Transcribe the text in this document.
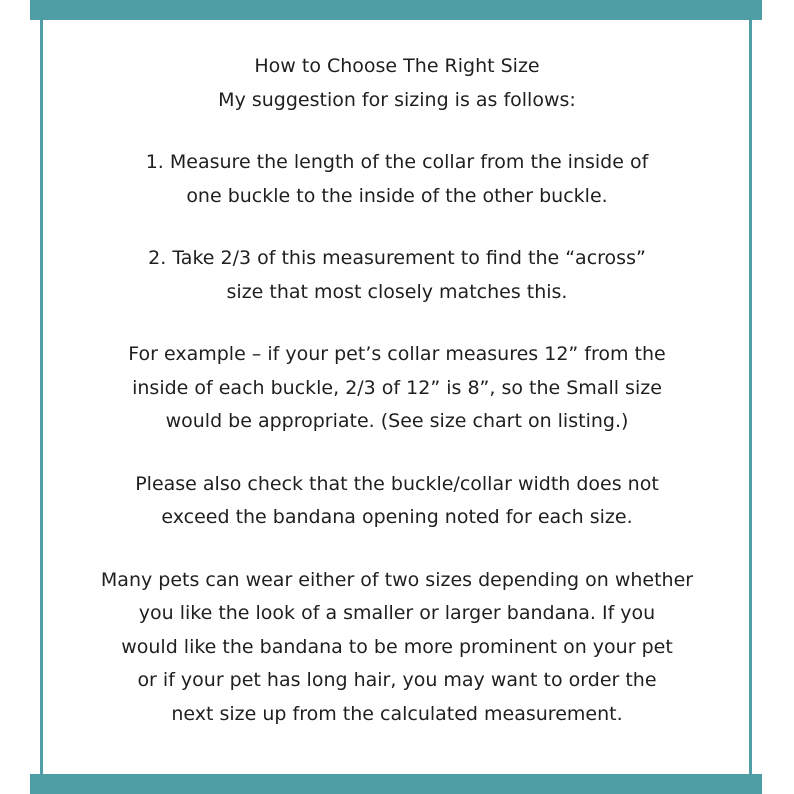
How to Choose The Right Size
My suggestion for sizing is as follows:
1. Measure the length of the collar from the inside of
one buckle to the inside of the other buckle.
2. Take 2/3 of this measurement to find the “across”
size that most closely matches this.
For example – if your pet’s collar measures 12” from the
inside of each buckle, 2/3 of 12” is 8”, so the Small size
would be appropriate. (See size chart on listing.)
Please also check that the buckle/collar width does not
exceed the bandana opening noted for each size.
Many pets can wear either of two sizes depending on whether
you like the look of a smaller or larger bandana. If you
would like the bandana to be more prominent on your pet
or if your pet has long hair, you may want to order the
next size up from the calculated measurement.
